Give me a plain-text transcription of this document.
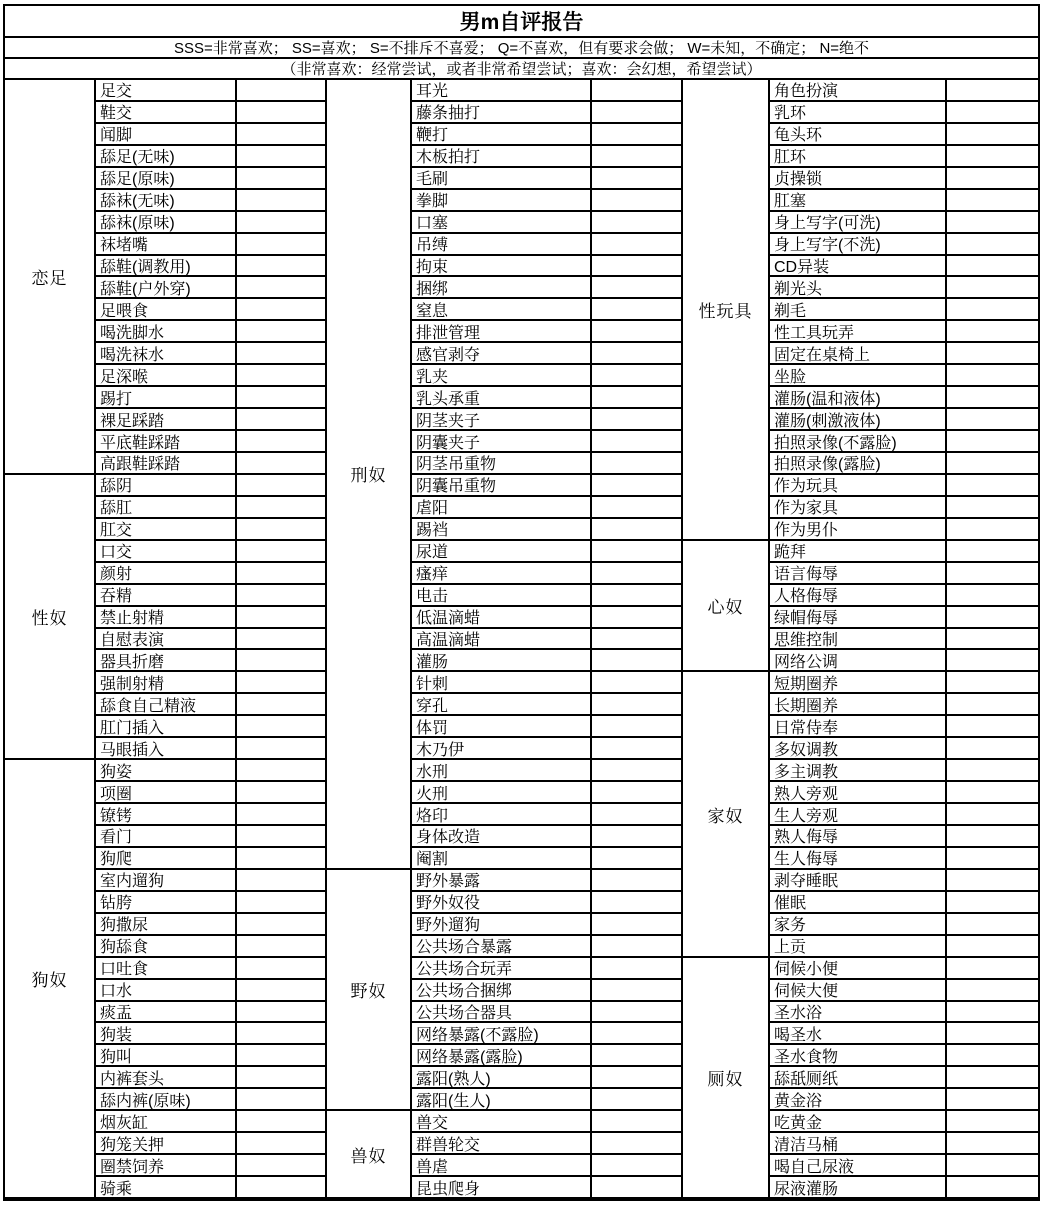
男m自评报告
SSS=非常喜欢； SS=喜欢； S=不排斥不喜爱； Q=不喜欢，但有要求会做； W=未知，不确定； N=绝不
（非常喜欢：经常尝试，或者非常希望尝试；喜欢：会幻想，希望尝试）
恋足
足交
鞋交
闻脚
舔足(无味)
舔足(原味)
舔袜(无味)
舔袜(原味)
袜堵嘴
舔鞋(调教用)
舔鞋(户外穿)
足喂食
喝洗脚水
喝洗袜水
足深喉
踢打
裸足踩踏
平底鞋踩踏
高跟鞋踩踏
性奴
舔阴
舔肛
肛交
口交
颜射
吞精
禁止射精
自慰表演
器具折磨
强制射精
舔食自己精液
肛门插入
马眼插入
狗奴
狗姿
项圈
镣铐
看门
狗爬
室内遛狗
钻胯
狗撒尿
狗舔食
口吐食
口水
痰盂
狗装
狗叫
内裤套头
舔内裤(原味)
烟灰缸
狗笼关押
圈禁饲养
骑乘
刑奴
耳光
藤条抽打
鞭打
木板拍打
毛刷
拳脚
口塞
吊缚
拘束
捆绑
窒息
排泄管理
感官剥夺
乳夹
乳头承重
阴茎夹子
阴囊夹子
阴茎吊重物
阴囊吊重物
虐阳
踢裆
尿道
瘙痒
电击
低温滴蜡
高温滴蜡
灌肠
针刺
穿孔
体罚
木乃伊
水刑
火刑
烙印
身体改造
阉割
野奴
野外暴露
野外奴役
野外遛狗
公共场合暴露
公共场合玩弄
公共场合捆绑
公共场合器具
网络暴露(不露脸)
网络暴露(露脸)
露阳(熟人)
露阳(生人)
兽奴
兽交
群兽轮交
兽虐
昆虫爬身
性玩具
角色扮演
乳环
龟头环
肛环
贞操锁
肛塞
身上写字(可洗)
身上写字(不洗)
CD异装
剃光头
剃毛
性工具玩弄
固定在桌椅上
坐脸
灌肠(温和液体)
灌肠(刺激液体)
拍照录像(不露脸)
拍照录像(露脸)
作为玩具
作为家具
作为男仆
心奴
跪拜
语言侮辱
人格侮辱
绿帽侮辱
思维控制
网络公调
家奴
短期圈养
长期圈养
日常侍奉
多奴调教
多主调教
熟人旁观
生人旁观
熟人侮辱
生人侮辱
剥夺睡眠
催眠
家务
上贡
厕奴
伺候小便
伺候大便
圣水浴
喝圣水
圣水食物
舔舐厕纸
黄金浴
吃黄金
清洁马桶
喝自己尿液
尿液灌肠
